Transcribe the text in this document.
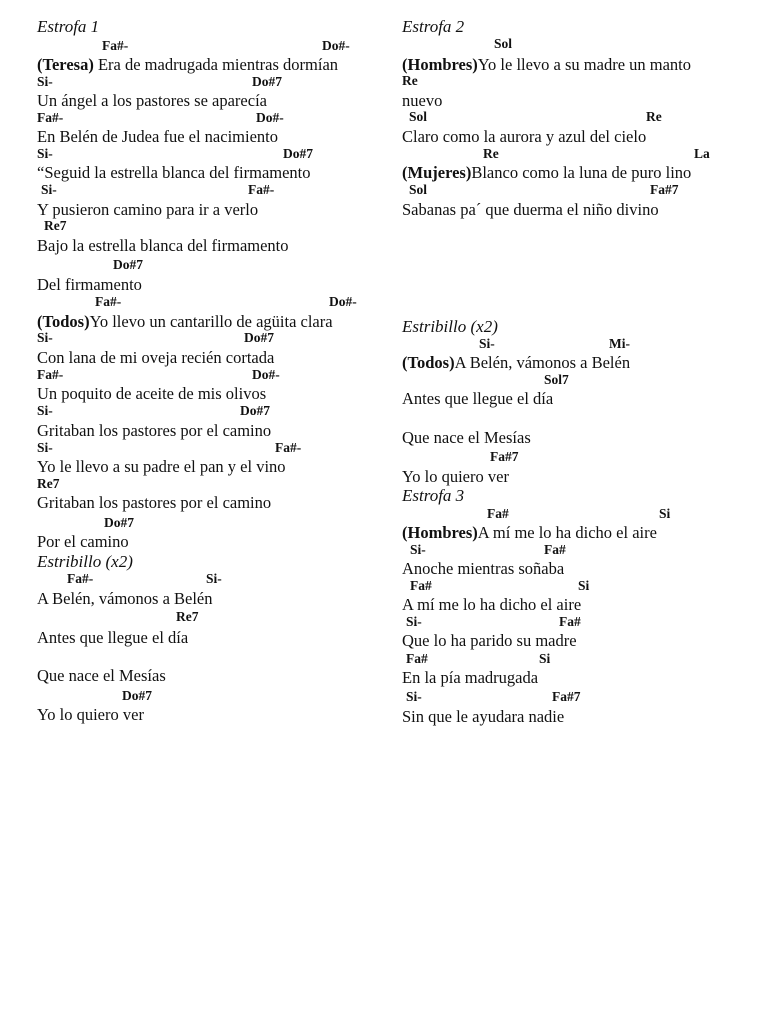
Estrofa 1
Fa#-	Do#-
(Teresa) Era de madrugada mientras dormían
Si-	Do#7
Un ángel a los pastores se aparecía
Fa#-	Do#-
En Belén de Judea fue el nacimiento
Si-	Do#7
“Seguid la estrella blanca del firmamento
Si-	Fa#-
Y pusieron camino para ir a verlo
Re7
Bajo la estrella blanca del firmamento
Do#7
Del firmamento
Fa#-	Do#-
(Todos)Yo llevo un cantarillo de agüita clara
Si-	Do#7
Con lana de mi oveja recién cortada
Fa#-	Do#-
Un poquito de aceite de mis olivos
Si-	Do#7
Gritaban los pastores por el camino
Si-	Fa#-
Yo le llevo a su padre el pan y el vino
Re7
Gritaban los pastores por el camino
Do#7
Por el camino
Estribillo (x2)
Fa#-	Si-
A Belén, vámonos a Belén
Re7
Antes que llegue el día
Que nace el Mesías
Do#7
Yo lo quiero ver
Estrofa 2
Sol
(Hombres)Yo le llevo a su madre un manto
Re
nuevo
Sol	Re
Claro como la aurora y azul del cielo
Re	La
(Mujeres)Blanco como la luna de puro lino
Sol	Fa#7
Sabanas pa´ que duerma el niño divino
Estribillo (x2)
Si-	Mi-
(Todos)A Belén, vámonos a Belén
Sol7
Antes que llegue el día
Que nace el Mesías
Fa#7
Yo lo quiero ver
Estrofa 3
Fa#	Si
(Hombres)A mí me lo ha dicho el aire
Si-	Fa#
Anoche mientras soñaba
Fa#	Si
A mí me lo ha dicho el aire
Si-	Fa#
Que lo ha parido su madre
Fa#	Si
En la pía madrugada
Si-	Fa#7
Sin que le ayudara nadie
